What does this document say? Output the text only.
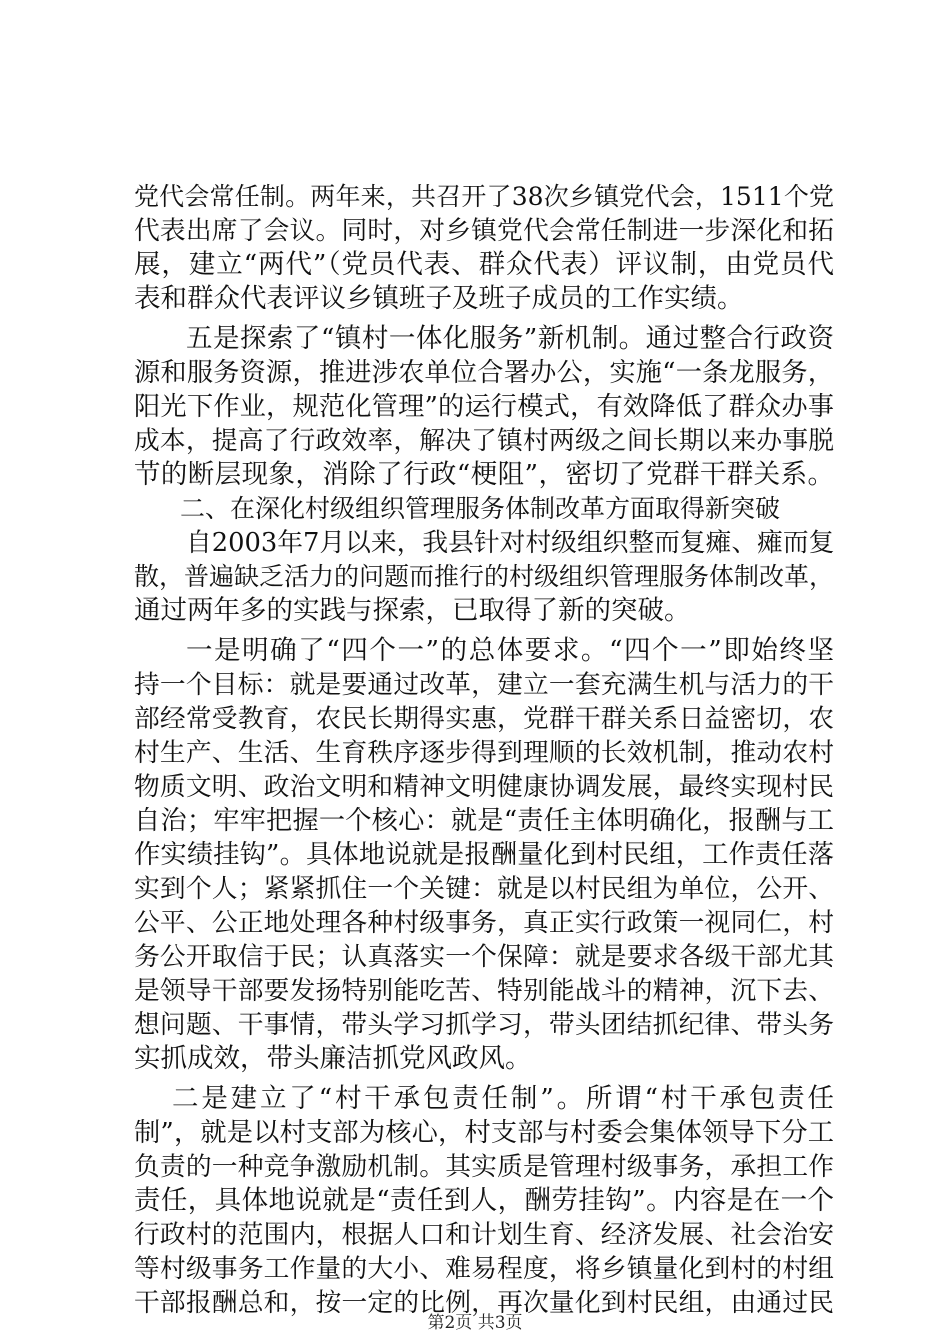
党代会常任制。两年来，共召开了38次乡镇党代会，1511个党
代表出席了会议。同时，对乡镇党代会常任制进一步深化和拓
展，建立“两代”（党员代表、群众代表）评议制，由党员代
表和群众代表评议乡镇班子及班子成员的工作实绩。
五是探索了“镇村一体化服务”新机制。通过整合行政资
源和服务资源，推进涉农单位合署办公，实施“一条龙服务，
阳光下作业，规范化管理”的运行模式，有效降低了群众办事
成本，提高了行政效率，解决了镇村两级之间长期以来办事脱
节的断层现象，消除了行政“梗阻”，密切了党群干群关系。
二、在深化村级组织管理服务体制改革方面取得新突破
自2003年7月以来，我县针对村级组织整而复瘫、瘫而复
散，普遍缺乏活力的问题而推行的村级组织管理服务体制改革，
通过两年多的实践与探索，已取得了新的突破。
一是明确了“四个一”的总体要求。“四个一”即始终坚
持一个目标：就是要通过改革，建立一套充满生机与活力的干
部经常受教育，农民长期得实惠，党群干群关系日益密切，农
村生产、生活、生育秩序逐步得到理顺的长效机制，推动农村
物质文明、政治文明和精神文明健康协调发展，最终实现村民
自治；牢牢把握一个核心：就是“责任主体明确化，报酬与工
作实绩挂钩”。具体地说就是报酬量化到村民组，工作责任落
实到个人；紧紧抓住一个关键：就是以村民组为单位，公开、
公平、公正地处理各种村级事务，真正实行政策一视同仁，村
务公开取信于民；认真落实一个保障：就是要求各级干部尤其
是领导干部要发扬特别能吃苦、特别能战斗的精神，沉下去、
想问题、干事情，带头学习抓学习，带头团结抓纪律、带头务
实抓成效，带头廉洁抓党风政风。
二是建立了“村干承包责任制”。所谓“村干承包责任
制”，就是以村支部为核心，村支部与村委会集体领导下分工
负责的一种竞争激励机制。其实质是管理村级事务，承担工作
责任，具体地说就是“责任到人，酬劳挂钩”。内容是在一个
行政村的范围内，根据人口和计划生育、经济发展、社会治安
等村级事务工作量的大小、难易程度，将乡镇量化到村的村组
干部报酬总和，按一定的比例，再次量化到村民组，由通过民
第2页 共3页
